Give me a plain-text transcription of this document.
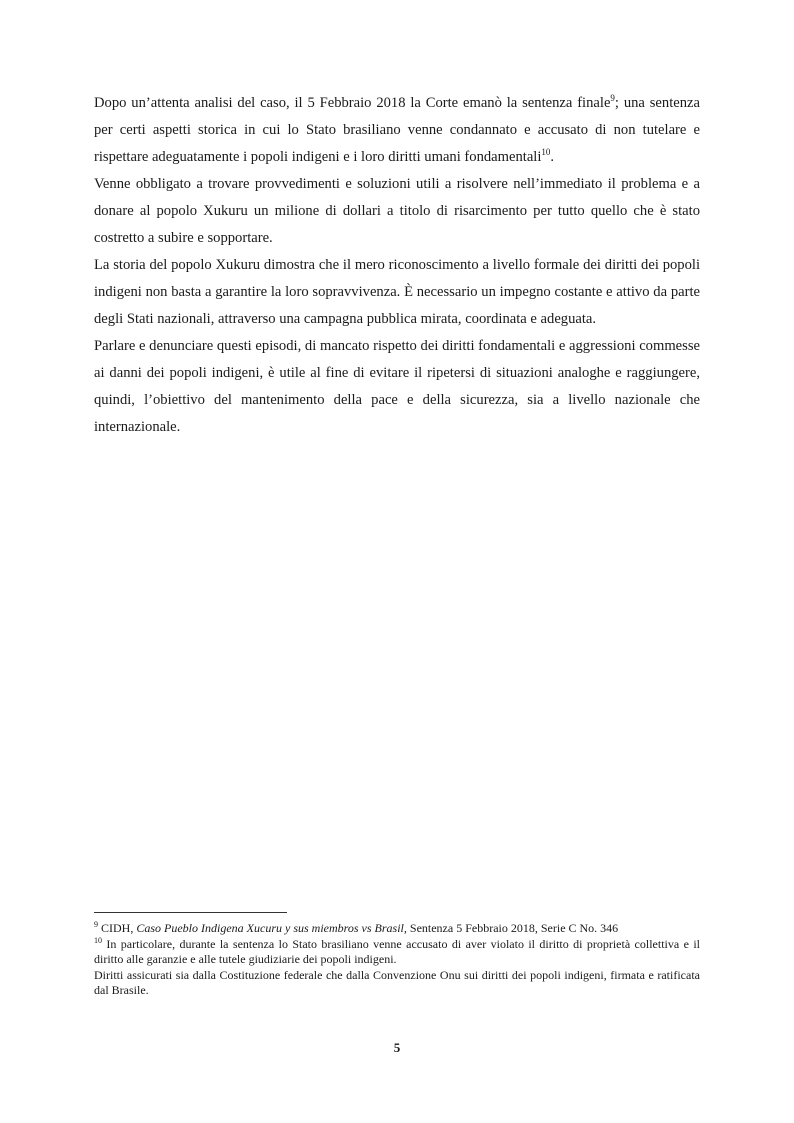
Dopo un’attenta analisi del caso, il 5 Febbraio 2018 la Corte emanò la sentenza finale$^9$; una sentenza per certi aspetti storica in cui lo Stato brasiliano venne condannato e accusato di non tutelare e rispettare adeguatamente i popoli indigeni e i loro diritti umani fondamentali$^{10}$.

Venne obbligato a trovare provvedimenti e soluzioni utili a risolvere nell’immediato il problema e a donare al popolo Xukuru un milione di dollari a titolo di risarcimento per tutto quello che è stato costretto a subire e sopportare.

La storia del popolo Xukuru dimostra che il mero riconoscimento a livello formale dei diritti dei popoli indigeni non basta a garantire la loro sopravvivenza. È necessario un impegno costante e attivo da parte degli Stati nazionali, attraverso una campagna pubblica mirata, coordinata e adeguata.

Parlare e denunciare questi episodi, di mancato rispetto dei diritti fondamentali e aggressioni commesse ai danni dei popoli indigeni, è utile al fine di evitare il ripetersi di situazioni analoghe e raggiungere, quindi, l’obiettivo del mantenimento della pace e della sicurezza, sia a livello nazionale che internazionale.

$^9$ CIDH, Caso Pueblo Indigena Xucuru y sus miembros vs Brasil, Sentenza 5 Febbraio 2018, Serie C No. 346

$^{10}$ In particolare, durante la sentenza lo Stato brasiliano venne accusato di aver violato il diritto di proprietà collettiva e il diritto alle garanzie e alle tutele giudiziarie dei popoli indigeni.

Diritti assicurati sia dalla Costituzione federale che dalla Convenzione Onu sui diritti dei popoli indigeni, firmata e ratificata dal Brasile.

5
